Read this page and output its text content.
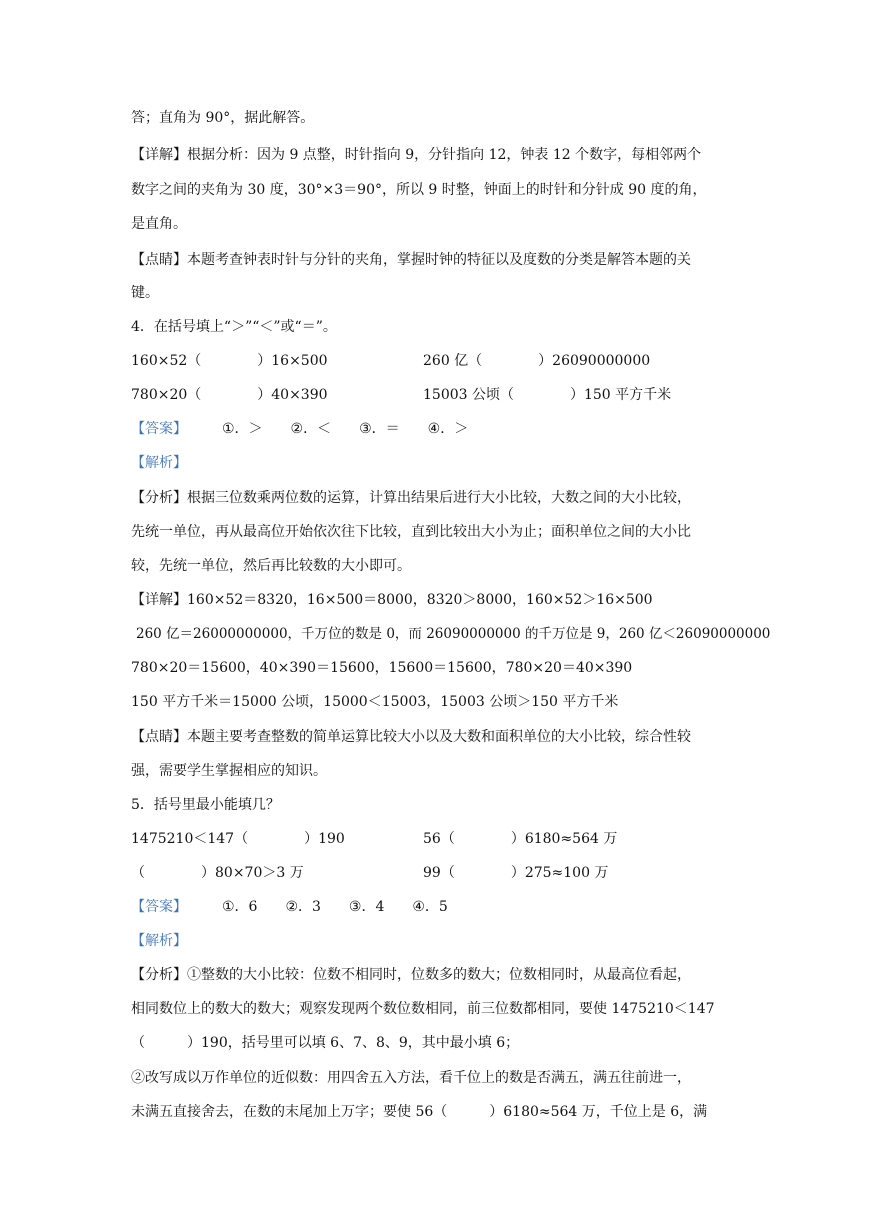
答；直角为 90°，据此解答。
【详解】根据分析：因为 9 点整，时针指向 9，分针指向 12，钟表 12 个数字，每相邻两个
数字之间的夹角为 30 度，30°×3＝90°，所以 9 时整，钟面上的时针和分针成 90 度的角，
是直角。
【点睛】本题考查钟表时针与分针的夹角，掌握时钟的特征以及度数的分类是解答本题的关
键。
4．在括号填上“＞”“＜”或“＝”。
160×52（　　　　）16×500	260 亿（　　　　）26090000000
780×20（　　　　）40×390	15003 公顷（　　　　）150 平方千米
【答案】	①．＞　　②．＜　　③．＝　　④．＞
【解析】
【分析】根据三位数乘两位数的运算，计算出结果后进行大小比较，大数之间的大小比较，
先统一单位，再从最高位开始依次往下比较，直到比较出大小为止；面积单位之间的大小比
较，先统一单位，然后再比较数的大小即可。
【详解】160×52＝8320，16×500＝8000，8320＞8000，160×52＞16×500
260 亿＝26000000000，千万位的数是 0，而 26090000000 的千万位是 9，260 亿＜26090000000
780×20＝15600，40×390＝15600，15600＝15600，780×20＝40×390
150 平方千米＝15000 公顷，15000＜15003，15003 公顷＞150 平方千米
【点睛】本题主要考查整数的简单运算比较大小以及大数和面积单位的大小比较，综合性较
强，需要学生掌握相应的知识。
5．括号里最小能填几？
1475210＜147（　　　　）190	56（　　　　）6180≈564 万
（　　　　）80×70＞3 万	99（　　　　）275≈100 万
【答案】	①．6　　②．3　　③．4　　④．5
【解析】
【分析】①整数的大小比较：位数不相同时，位数多的数大；位数相同时，从最高位看起，
相同数位上的数大的数大；观察发现两个数位数相同，前三位数都相同，要使 1475210＜147
（　　　）190，括号里可以填 6、7、8、9，其中最小填 6；
②改写成以万作单位的近似数：用四舍五入方法，看千位上的数是否满五，满五往前进一，
未满五直接舍去，在数的末尾加上万字；要使 56（　　　）6180≈564 万，千位上是 6，满
